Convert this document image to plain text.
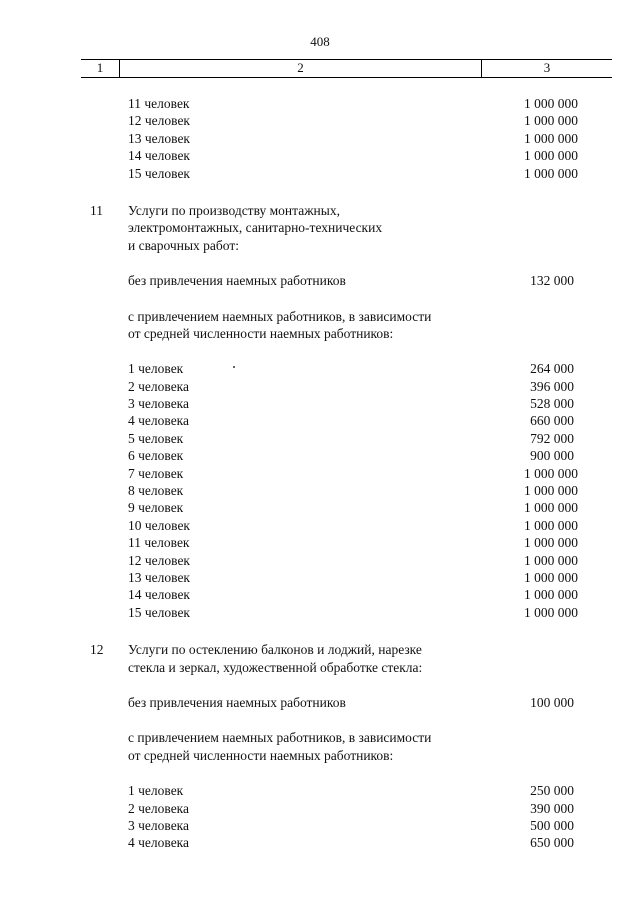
408
1	2	3
11 человек	1 000 000
12 человек	1 000 000
13 человек	1 000 000
14 человек	1 000 000
15 человек	1 000 000
11 Услуги по производству монтажных,
электромонтажных, санитарно-технических
и сварочных работ:
без привлечения наемных работников	132 000
с привлечением наемных работников, в зависимости
от средней численности наемных работников:
1 человек	264 000
2 человека	396 000
3 человека	528 000
4 человека	660 000
5 человек	792 000
6 человек	900 000
7 человек	1 000 000
8 человек	1 000 000
9 человек	1 000 000
10 человек	1 000 000
11 человек	1 000 000
12 человек	1 000 000
13 человек	1 000 000
14 человек	1 000 000
15 человек	1 000 000
12 Услуги по остеклению балконов и лоджий, нарезке
стекла и зеркал, художественной обработке стекла:
без привлечения наемных работников	100 000
с привлечением наемных работников, в зависимости
от средней численности наемных работников:
1 человек	250 000
2 человека	390 000
3 человека	500 000
4 человека	650 000
